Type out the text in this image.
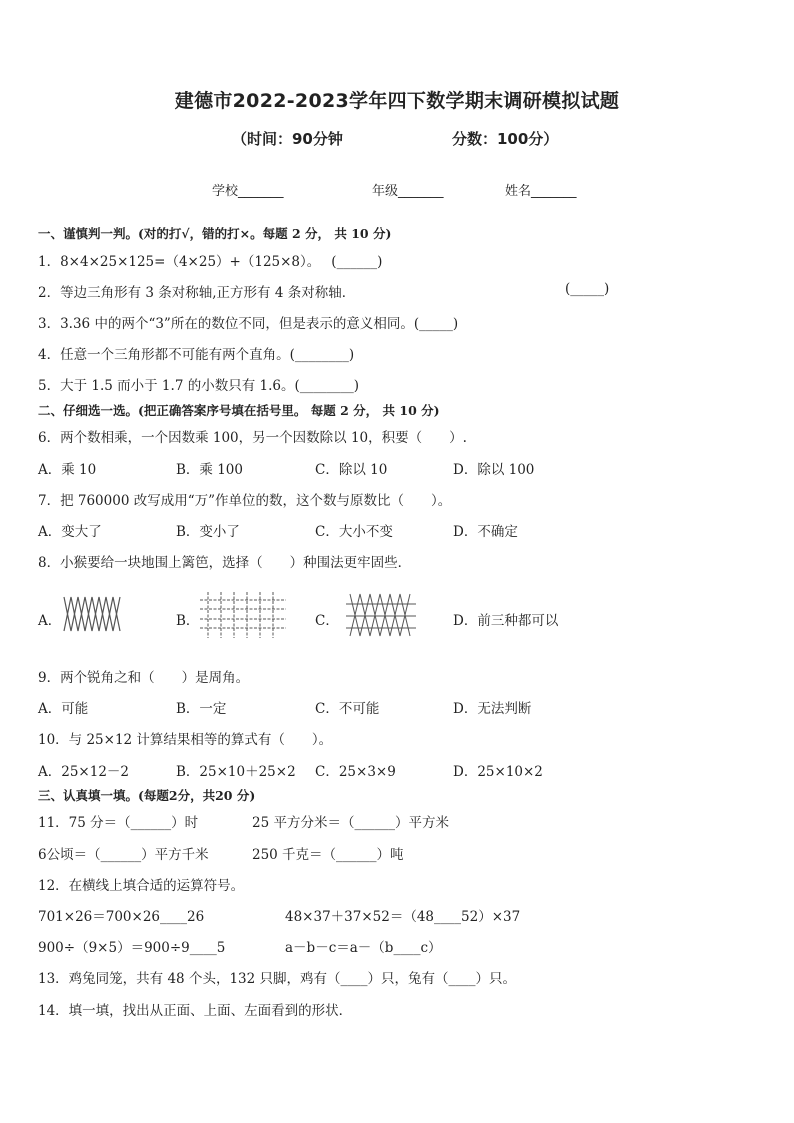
建德市2022-2023学年四下数学期末调研模拟试题
（时间：90分钟	分数：100分）
学校_______	年级_______	姓名_______
一、谨慎判一判。(对的打√，错的打×。每题 2 分， 共 10 分)
1．8×4×25×125=（4×25）+（125×8）。　 (______)
2．等边三角形有 3 条对称轴,正方形有 4 条对称轴．	(_____)
3．3.36 中的两个“3”所在的数位不同，但是表示的意义相同。(_____)
4．任意一个三角形都不可能有两个直角。(________)
5．大于 1.5 而小于 1.7 的小数只有 1.6。(________)
二、仔细选一选。(把正确答案序号填在括号里。 每题 2 分， 共 10 分)
6．两个数相乘，一个因数乘 100，另一个因数除以 10，积要（　　）.
A．乘 10	B．乘 100	C．除以 10	D．除以 100
7．把 760000 改写成用“万”作单位的数，这个数与原数比（　　）。
A．变大了	B．变小了	C．大小不变	D．不确定
8．小猴要给一块地围上篱笆，选择（　　）种围法更牢固些．
A．	B．	C．	D．前三种都可以
9．两个锐角之和（　　）是周角。
A．可能	B．一定	C．不可能	D．无法判断
10．与 25×12 计算结果相等的算式有（　　）。
A．25×12－2	B．25×10＋25×2 C．25×3×9	D．25×10×2
三、认真填一填。(每题2分，共20 分)
11．75 分＝（______）时	25 平方分米＝（______）平方米
6公顷＝（______）平方千米	250 千克＝（______）吨
12．在横线上填合适的运算符号。
701×26＝700×26____26	48×37＋37×52＝（48____52）×37
900÷（9×5）＝900÷9____5	a－b－c＝a－（b____c）
13．鸡兔同笼，共有 48 个头，132 只脚，鸡有（____）只，兔有（____）只。
14．填一填，找出从正面、上面、左面看到的形状．
